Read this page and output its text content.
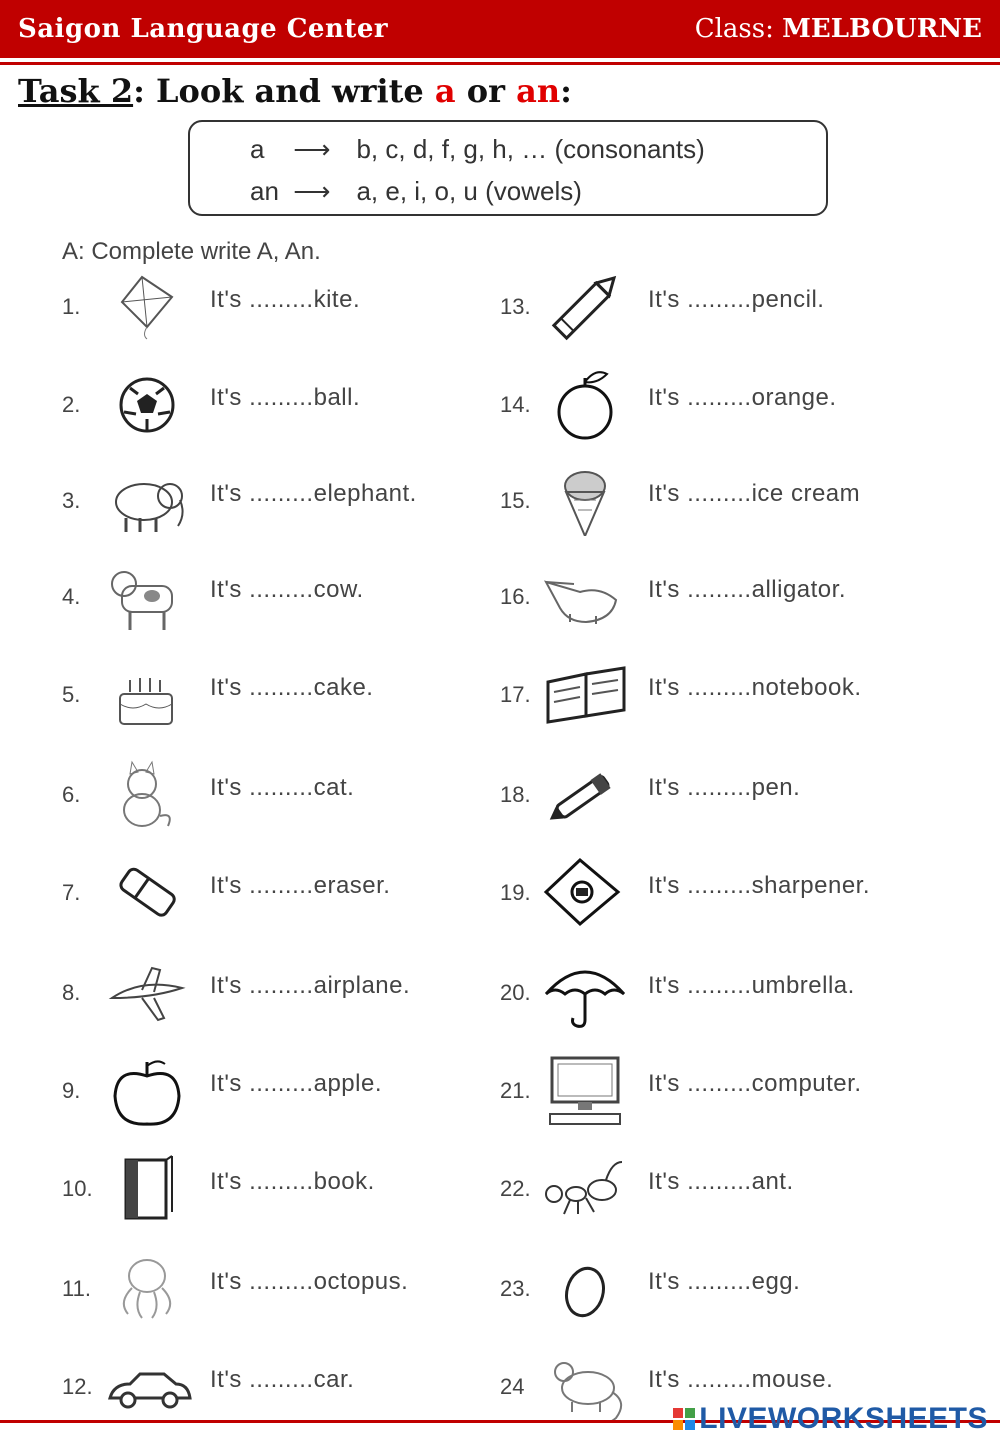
Saigon Language Center	Class: MELBOURNE
Task 2: Look and write a or an:
a ⟶ b, c, d, f, g, h, … (consonants)
an ⟶ a, e, i, o, u (vowels)
A: Complete write A, An.
1.	It's .........kite.
2.	It's .........ball.
3.	It's .........elephant.
4.	It's .........cow.
5.	It's .........cake.
6.	It's .........cat.
7.	It's .........eraser.
8.	It's .........airplane.
9.	It's .........apple.
10.	It's .........book.
11.	It's .........octopus.
12.	It's .........car.
13.	It's .........pencil.
14.	It's .........orange.
15.	It's .........ice cream
16.	It's .........alligator.
17.	It's .........notebook.
18.	It's .........pen.
19.	It's .........sharpener.
20.	It's .........umbrella.
21.	It's .........computer.
22.	It's .........ant.
23.	It's .........egg.
24	It's .........mouse.
LIVEWORKSHEETS
